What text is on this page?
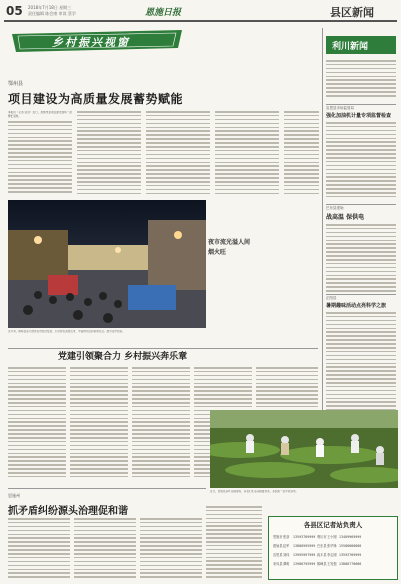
05 2018年7月18日 星期三
责任编辑 陈会康 审读 蔡学	恩施日报	县区新闻
乡村振兴视窗
鄂州县
项目建设为高质量发展蓄势赋能
本报讯（记者 张剑）近日，恩施州县项目建设现场一派繁忙景象。
夜市流光溢人间烟火旺
近年来，鹤峰县着力推进夜市经济发展，打造特色美食夜市，丰富群众夜间消费生活。图为夜市街景。
党建引领聚合力 乡村振兴奔乐章
利川新闻
宣恩县市场监管局
强化加油机计量专项监督检查
巴东县建始
战高温 保供电
正阳县
暑期趣味活动点亮科学之旅
近日，恩施县茶叶采摘现场，茶农们忙着采摘夏秋茶，茶园里一派丰收景象。
恩施州
抓矛盾纠纷源头治理促和谐
各县区记者站负责人
恩施市 张剑	13593789999 利川市 王小刚 13469969999
建始县 赵军	13886995999 巴东县 张华锋 15586666666
宣恩县 刘伟	13995997999 咸丰县 李志刚 13593769999
来凤县 谭明	13986795999 鹤峰县 王发强 13886776666
